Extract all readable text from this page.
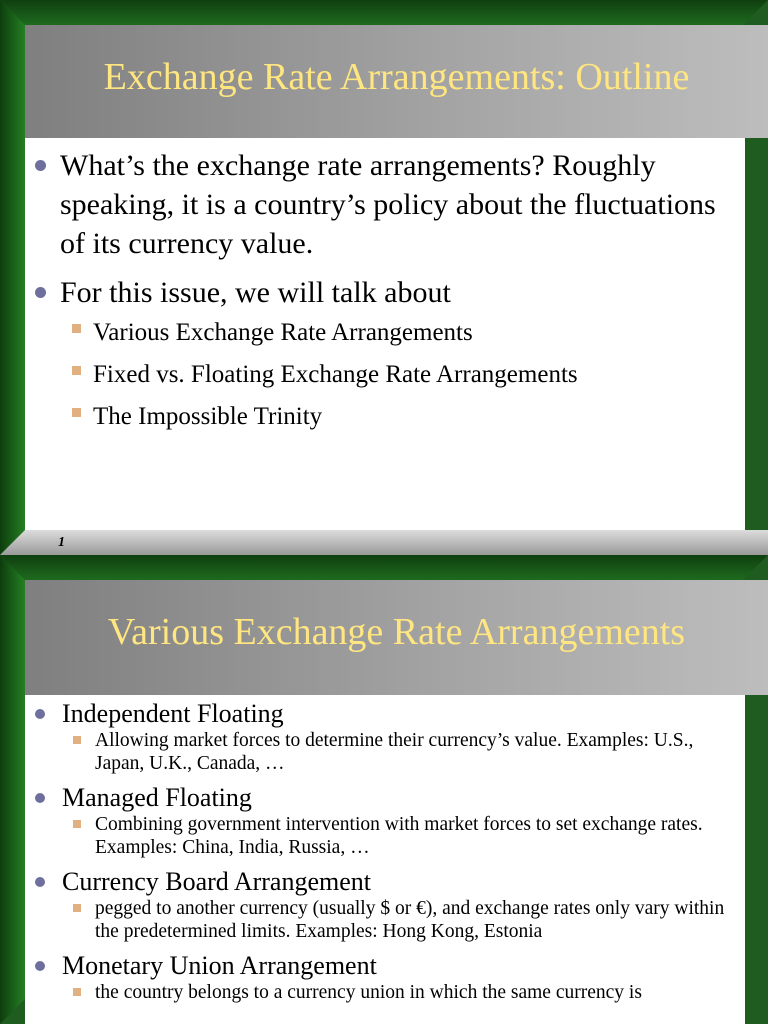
Exchange Rate Arrangements: Outline
What’s the exchange rate arrangements? Roughly speaking, it is a country’s policy about the fluctuations of its currency value.
For this issue, we will talk about
Various Exchange Rate Arrangements
Fixed vs. Floating Exchange Rate Arrangements
The Impossible Trinity
1
Various Exchange Rate Arrangements
Independent Floating
Allowing market forces to determine their currency’s value. Examples: U.S., Japan, U.K., Canada, …
Managed Floating
Combining government intervention with market forces to set exchange rates. Examples: China, India, Russia, …
Currency Board Arrangement
pegged to another currency (usually $ or €), and exchange rates only vary within the predetermined limits. Examples: Hong Kong, Estonia
Monetary Union Arrangement
the country belongs to a currency union in which the same currency is
